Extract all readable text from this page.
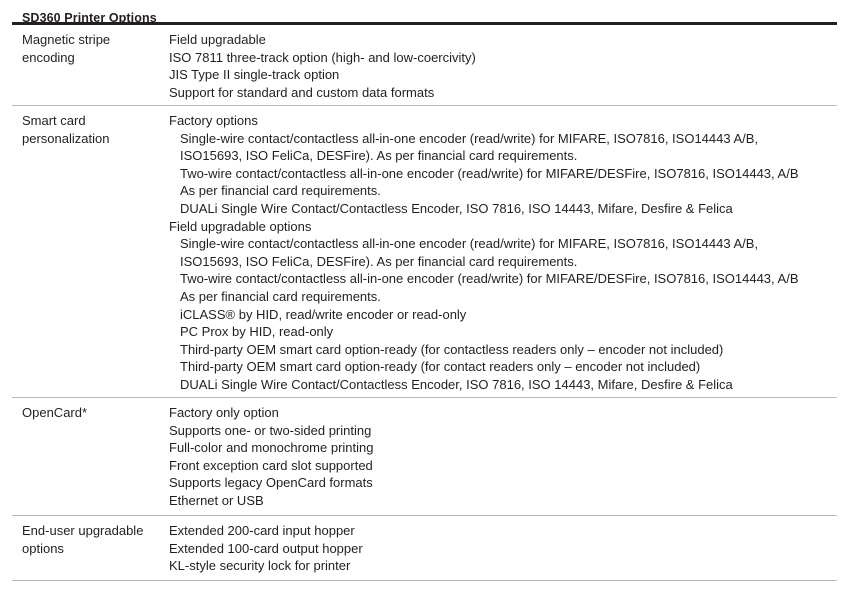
SD360 Printer Options
Magnetic stripe
encoding
Field upgradable
ISO 7811 three-track option (high- and low-coercivity)
JIS Type II single-track option
Support for standard and custom data formats
Smart card
personalization
Factory options
Single-wire contact/contactless all-in-one encoder (read/write) for MIFARE, ISO7816, ISO14443 A/B,
ISO15693, ISO FeliCa, DESFire). As per financial card requirements.
Two-wire contact/contactless all-in-one encoder (read/write) for MIFARE/DESFire, ISO7816, ISO14443, A/B
As per financial card requirements.
DUALi Single Wire Contact/Contactless Encoder, ISO 7816, ISO 14443, Mifare, Desfire & Felica
Field upgradable options
Single-wire contact/contactless all-in-one encoder (read/write) for MIFARE, ISO7816, ISO14443 A/B,
ISO15693, ISO FeliCa, DESFire). As per financial card requirements.
Two-wire contact/contactless all-in-one encoder (read/write) for MIFARE/DESFire, ISO7816, ISO14443, A/B
As per financial card requirements.
iCLASS® by HID, read/write encoder or read-only
PC Prox by HID, read-only
Third-party OEM smart card option-ready (for contactless readers only – encoder not included)
Third-party OEM smart card option-ready (for contact readers only – encoder not included)
DUALi Single Wire Contact/Contactless Encoder, ISO 7816, ISO 14443, Mifare, Desfire & Felica
OpenCard*	Factory only option
Supports one- or two-sided printing
Full-color and monochrome printing
Front exception card slot supported
Supports legacy OpenCard formats
Ethernet or USB
End-user upgradable
options
Extended 200-card input hopper
Extended 100-card output hopper
KL-style security lock for printer
